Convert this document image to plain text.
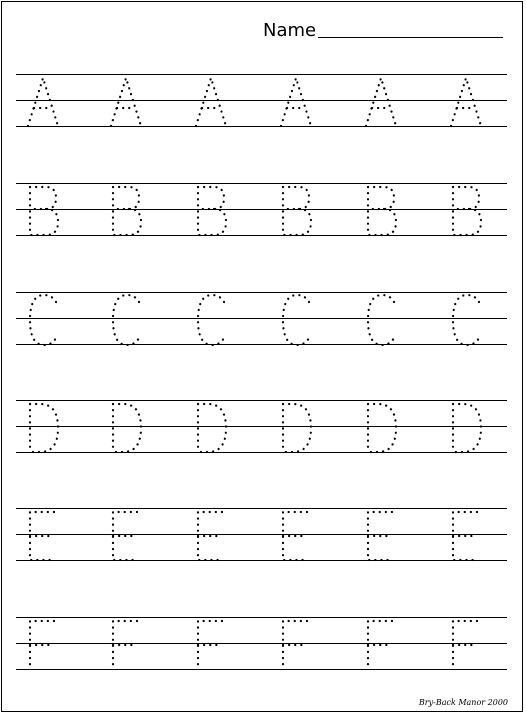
Name
Bry-Back Manor 2000
